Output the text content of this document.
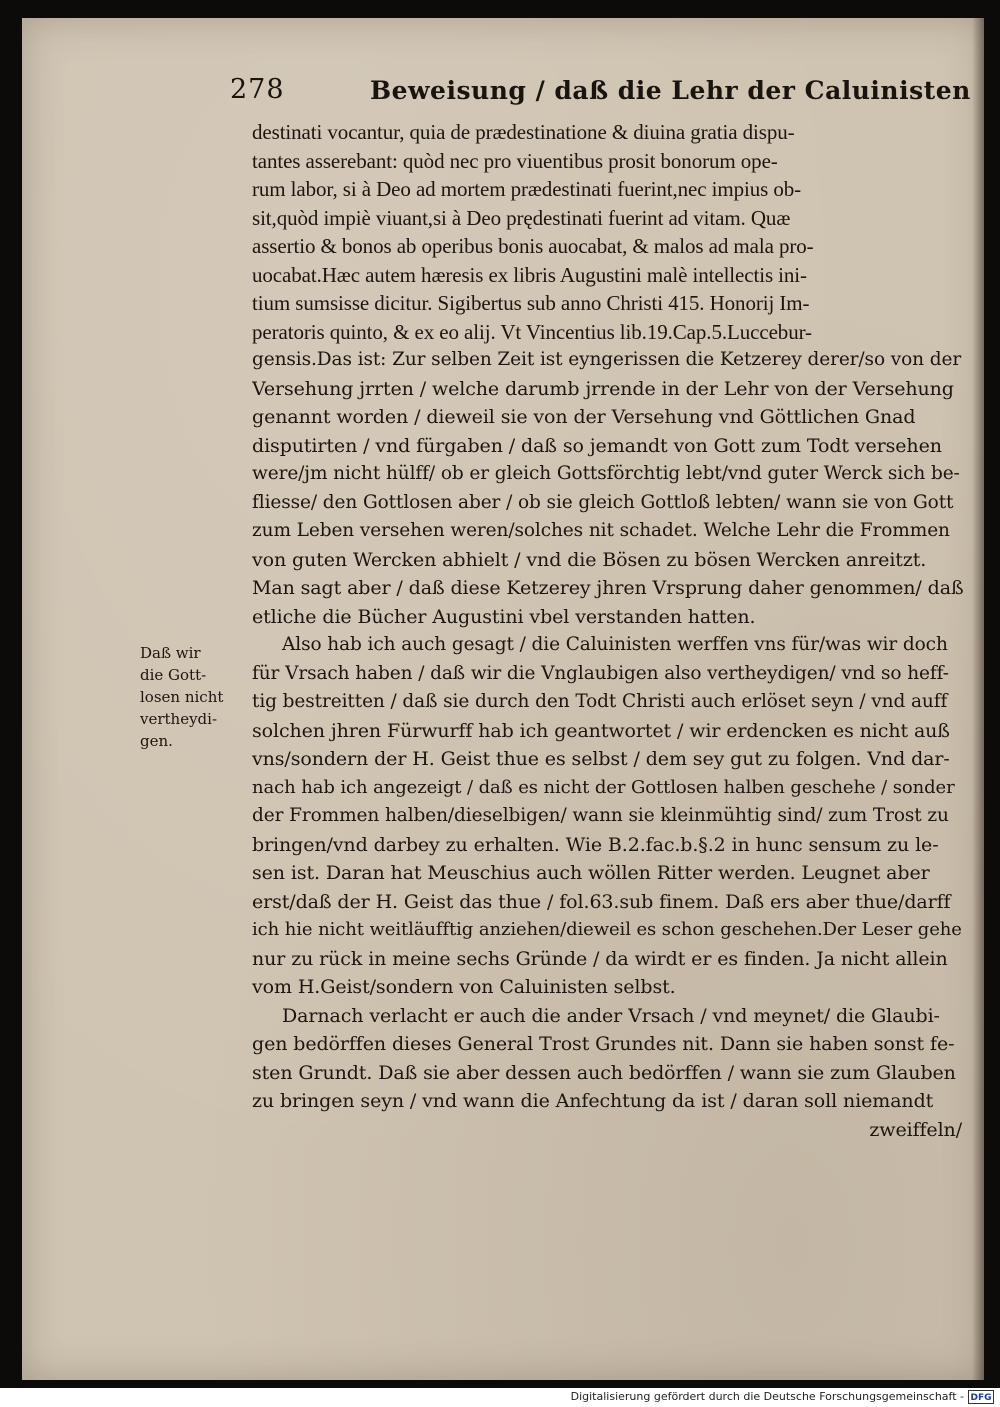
278	Beweisung / daß die Lehr der Caluinisten
Daß wir
die Gott-
losen nicht
vertheydi-
gen.
destinati vocantur, quia de prædestinatione & diuina gratia dispu-
tantes asserebant: quòd nec pro viuentibus prosit bonorum ope-
rum labor, si à Deo ad mortem prædestinati fuerint,nec impius ob-
sit,quòd impiè viuant,si à Deo prędestinati fuerint ad vitam. Quæ
assertio & bonos ab operibus bonis auocabat, & malos ad mala pro-
uocabat.Hæc autem hæresis ex libris Augustini malè intellectis ini-
tium sumsisse dicitur. Sigibertus sub anno Christi 415. Honorij Im-
peratoris quinto, & ex eo alij. Vt Vincentius lib.19.Cap.5.Luccebur-
gensis.Das ist: Zur selben Zeit ist eyngerissen die Ketzerey derer/so von der
Versehung jrrten / welche darumb jrrende in der Lehr von der Versehung
genannt worden / dieweil sie von der Versehung vnd Göttlichen Gnad
disputirten / vnd fürgaben / daß so jemandt von Gott zum Todt versehen
were/jm nicht hülff/ ob er gleich Gottsförchtig lebt/vnd guter Werck sich be-
fliesse/ den Gottlosen aber / ob sie gleich Gottloß lebten/ wann sie von Gott
zum Leben versehen weren/solches nit schadet. Welche Lehr die Frommen
von guten Wercken abhielt / vnd die Bösen zu bösen Wercken anreitzt.
Man sagt aber / daß diese Ketzerey jhren Vrsprung daher genommen/ daß
etliche die Bücher Augustini vbel verstanden hatten.
Also hab ich auch gesagt / die Caluinisten werffen vns für/was wir doch
für Vrsach haben / daß wir die Vnglaubigen also vertheydigen/ vnd so heff-
tig bestreitten / daß sie durch den Todt Christi auch erlöset seyn / vnd auff
solchen jhren Fürwurff hab ich geantwortet / wir erdencken es nicht auß
vns/sondern der H. Geist thue es selbst / dem sey gut zu folgen. Vnd dar-
nach hab ich angezeigt / daß es nicht der Gottlosen halben geschehe / sonder
der Frommen halben/dieselbigen/ wann sie kleinmühtig sind/ zum Trost zu
bringen/vnd darbey zu erhalten. Wie B.2.fac.b.§.2 in hunc sensum zu le-
sen ist. Daran hat Meuschius auch wöllen Ritter werden. Leugnet aber
erst/daß der H. Geist das thue / fol.63.sub finem. Daß ers aber thue/darff
ich hie nicht weitläufftig anziehen/dieweil es schon geschehen.Der Leser gehe
nur zu rück in meine sechs Gründe / da wirdt er es finden. Ja nicht allein
vom H.Geist/sondern von Caluinisten selbst.
Darnach verlacht er auch die ander Vrsach / vnd meynet/ die Glaubi-
gen bedörffen dieses General Trost Grundes nit. Dann sie haben sonst fe-
sten Grundt. Daß sie aber dessen auch bedörffen / wann sie zum Glauben
zu bringen seyn / vnd wann die Anfechtung da ist / daran soll niemandt
zweiffeln/
Digitalisierung gefördert durch die Deutsche Forschungsgemeinschaft - DFG
